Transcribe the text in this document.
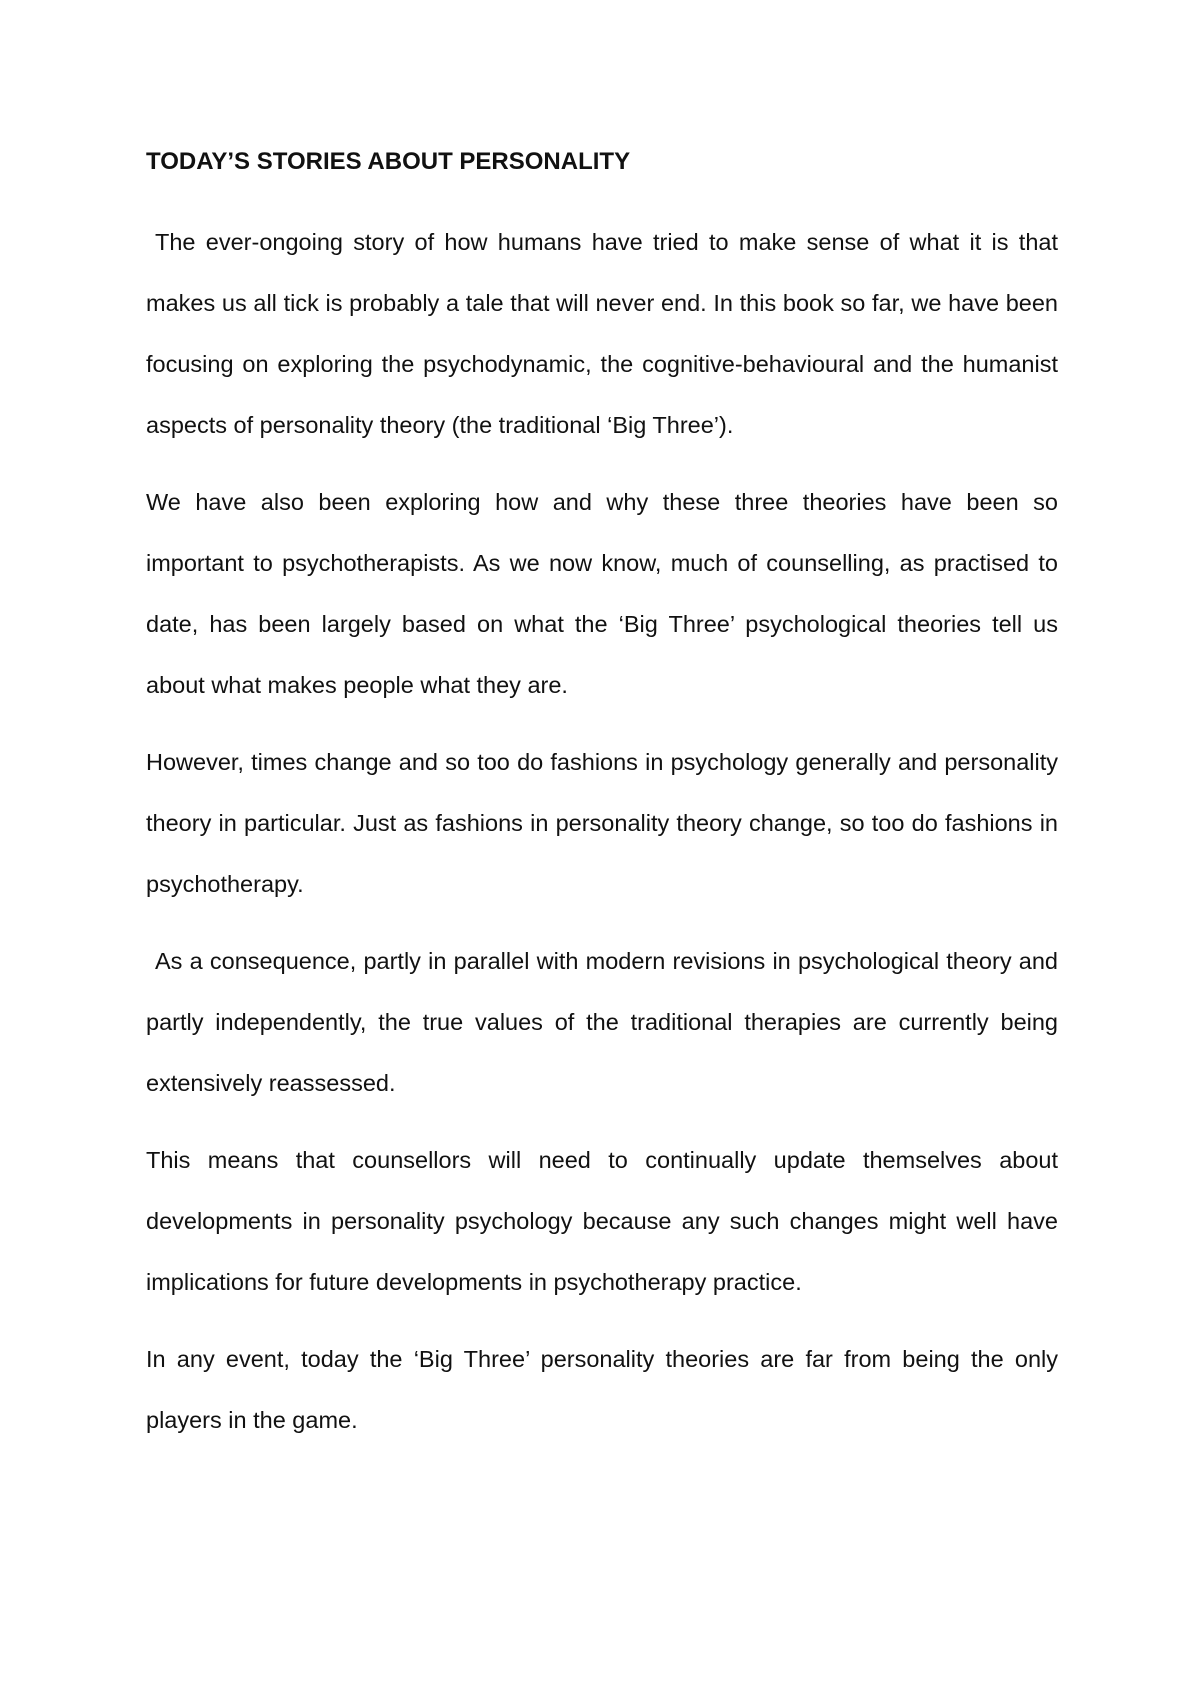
TODAY’S STORIES ABOUT PERSONALITY

The ever-ongoing story of how humans have tried to make sense of what it is that makes us all tick is probably a tale that will never end. In this book so far, we have been focusing on exploring the psychodynamic, the cognitive-behavioural and the humanist aspects of personality theory (the traditional ‘Big Three’).

We have also been exploring how and why these three theories have been so important to psychotherapists. As we now know, much of counselling, as practised to date, has been largely based on what the ‘Big Three’ psychological theories tell us about what makes people what they are.

However, times change and so too do fashions in psychology generally and personality theory in particular. Just as fashions in personality theory change, so too do fashions in psychotherapy.

As a consequence, partly in parallel with modern revisions in psychological theory and partly independently, the true values of the traditional therapies are currently being extensively reassessed.

This means that counsellors will need to continually update themselves about developments in personality psychology because any such changes might well have implications for future developments in psychotherapy practice.

In any event, today the ‘Big Three’ personality theories are far from being the only players in the game.
